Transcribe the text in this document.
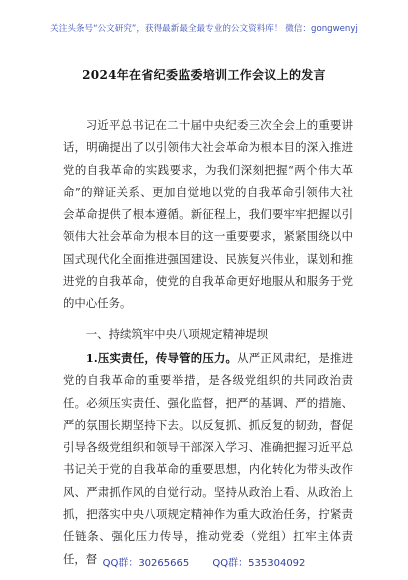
关注头条号“公文研究”，获得最新最全最专业的公文资料库！ 微信：gongwenyj
2024年在省纪委监委培训工作会议上的发言

习近平总书记在二十届中央纪委三次全会上的重要讲话，明确提出了以引领伟大社会革命为根本目的深入推进党的自我革命的实践要求，为我们深刻把握“两个伟大革命”的辩证关系、更加自觉地以党的自我革命引领伟大社会革命提供了根本遵循。新征程上，我们要牢牢把握以引领伟大社会革命为根本目的这一重要要求，紧紧围绕以中国式现代化全面推进强国建设、民族复兴伟业，谋划和推进党的自我革命，使党的自我革命更好地服从和服务于党的中心任务。

一、持续筑牢中央八项规定精神堤坝

1.压实责任，传导管的压力。从严正风肃纪，是推进党的自我革命的重要举措，是各级党组织的共同政治责任。必须压实责任、强化监督，把严的基调、严的措施、严的氛围长期坚持下去。以反复抓、抓反复的韧劲，督促引导各级党组织和领导干部深入学习、准确把握习近平总书记关于党的自我革命的重要思想，内化转化为带头改作风、严肃抓作风的自觉行动。坚持从政治上看、从政治上抓，把落实中央八项规定精神作为重大政治任务，拧紧责任链条、强化压力传导，推动党委（党组）扛牢主体责任，督 QQ群：30265665 QQ群：535304092
